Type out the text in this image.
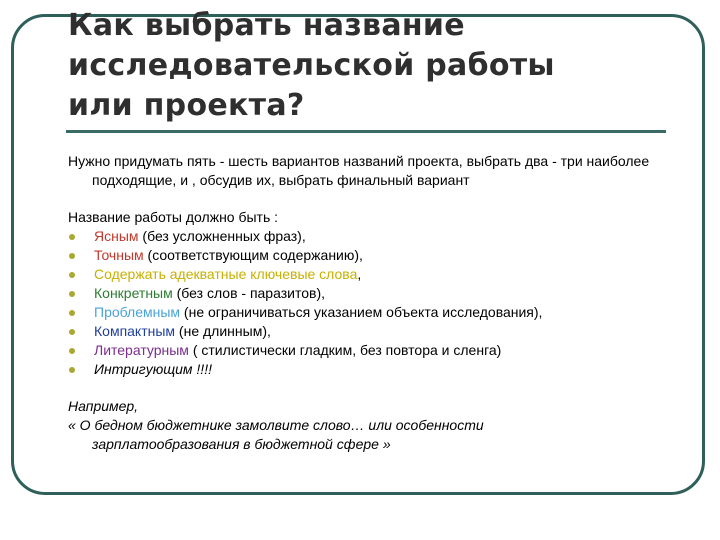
Как выбрать название
исследовательской работы
или проекта?

Нужно придумать пять - шесть вариантов названий проекта, выбрать два - три наиболее подходящие, и , обсудив их, выбрать финальный вариант

Название работы должно быть :

Ясным (без усложненных фраз),
Точным (соответствующим содержанию),
Содержать адекватные ключевые слова,
Конкретным (без слов - паразитов),
Проблемным (не ограничиваться указанием объекта исследования),
Компактным (не длинным),
Литературным ( стилистически гладким, без повтора и сленга)
Интригующим !!!!

Например,

« О бедном бюджетнике замолвите слово… или особенности зарплатообразования в бюджетной сфере »
